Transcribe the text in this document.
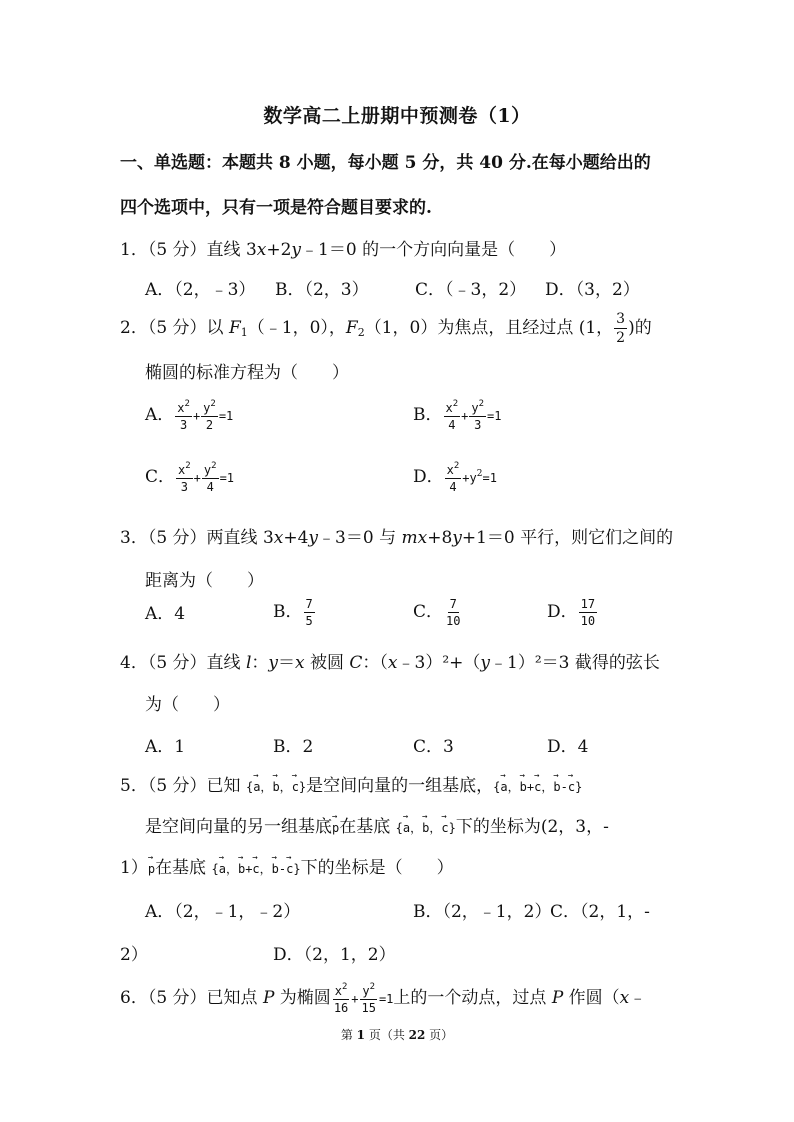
数学高二上册期中预测卷（1）
一、单选题：本题共 8 小题，每小题 5 分，共 40 分.在每小题给出的
四个选项中，只有一项是符合题目要求的.
1．（5 分）直线 3x+2y﹣1＝0 的一个方向向量是（　　）
A．（2，﹣3） B．（2，3）	C．（﹣3，2） D．（3，2）
2．（5 分）以 $F_1(﹣1$，0），$F_2(1$，0）为焦点，且经过点 (1， $\frac{3}{2}$ )的
椭圆的标准方程为（　　）
A． $\frac{x^2}{3} + \frac{y^2}{2} =1$	B． $\frac{x^2}{4} + \frac{y^2}{3} =1$
C． $\frac{x^2}{3} + \frac{y^2}{4} =1$	D． $\frac{x^2}{4} +y^2=1$
3．（5 分）两直线 3x+4y﹣3＝0 与 mx+8y+1＝0 平行，则它们之间的
距离为（　　）
A．4	B． $\frac{7}{5}$	C． $\frac{7}{10}$	D． $\frac{17}{10}$
4．（5 分）直线 l：y＝x 被圆 C：（x﹣3）²+（y﹣1）²＝3 截得的弦长
为（　　）
A．1	B．2	C．3	D．4
5．（5 分）已知 {→ a，→ b，→ c}是空间向量的一组基底，{→ a，→ b+→ c，→ b-→ c}
是空间向量的另一组基底→ p在基底 {→ a，→ b，→ c}下的坐标为(2，3，-
1）→ p在基底 {→ a，→ b+→ c，→ b-→ c}下的坐标是（　　）
A．（2，﹣1，﹣2）	B．（2，﹣1，2）
C．（2，1，-
2）	D．（2，1，2）
6．（5 分）已知点 P 为椭圆 $\frac{x^2}{16} + \frac{y^2}{15} =1$上的一个动点，过点 P 作圆（x﹣
第 1 页（共 22 页）
